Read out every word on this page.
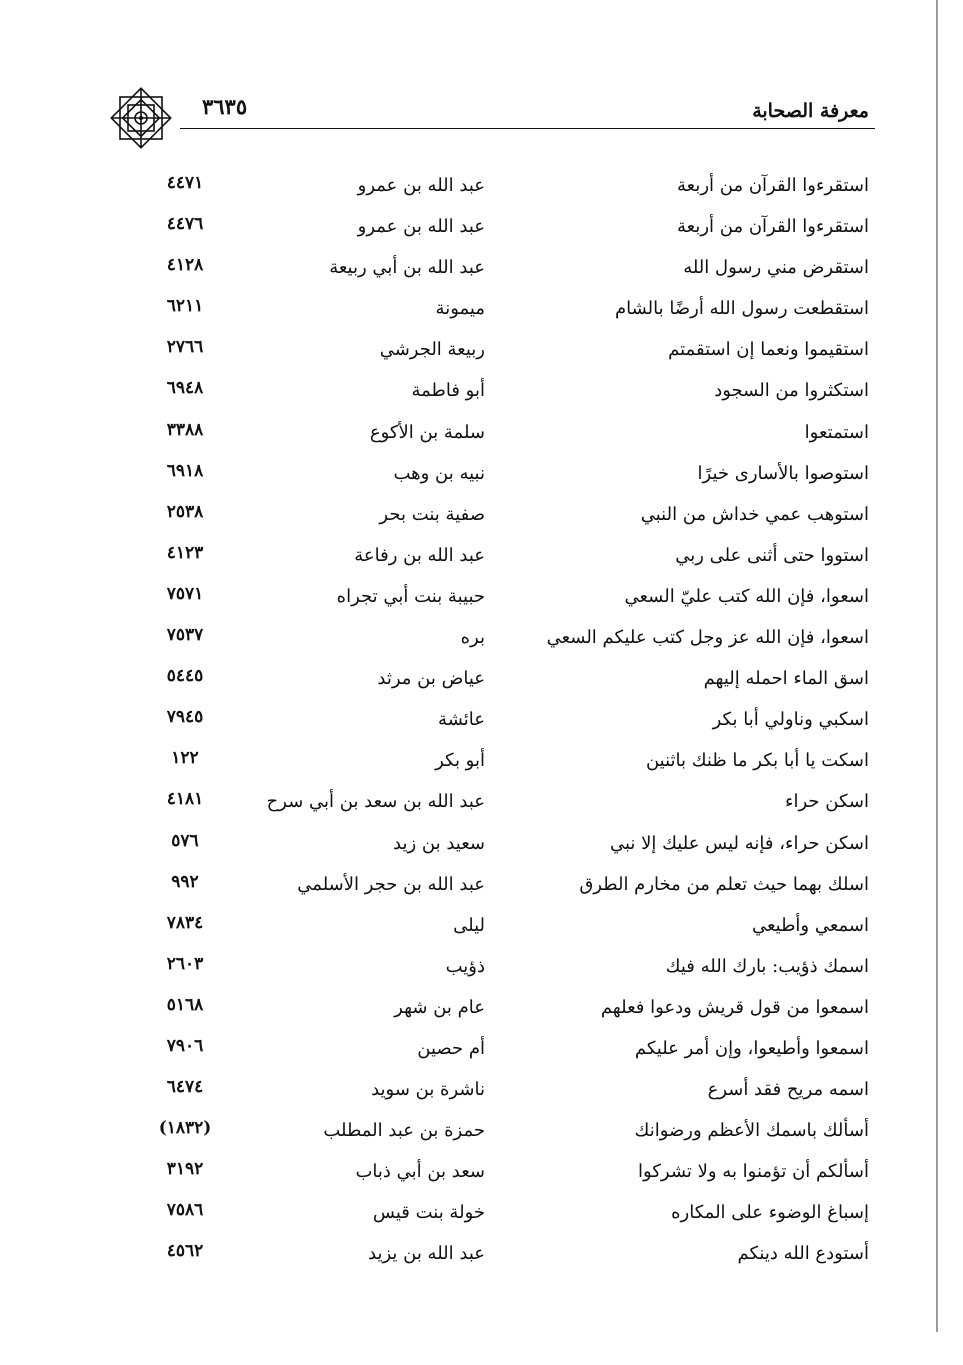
معرفة الصحابة
٣٦٣٥
استقرءوا القرآن من أربعة
عبد الله بن عمرو
٤٤٧١
استقرءوا القرآن من أربعة
عبد الله بن عمرو
٤٤٧٦
استقرض مني رسول الله
عبد الله بن أبي ربيعة
٤١٢٨
استقطعت رسول الله أرضًا بالشام
ميمونة
٦٢١١
استقيموا ونعما إن استقمتم
ربيعة الجرشي
٢٧٦٦
استكثروا من السجود
أبو فاطمة
٦٩٤٨
استمتعوا
سلمة بن الأكوع
٣٣٨٨
استوصوا بالأسارى خيرًا
نبيه بن وهب
٦٩١٨
استوهب عمي خداش من النبي
صفية بنت بحر
٢٥٣٨
استووا حتى أثنى على ربي
عبد الله بن رفاعة
٤١٢٣
اسعوا، فإن الله كتب عليّ السعي
حبيبة بنت أبي تجراه
٧٥٧١
اسعوا، فإن الله عز وجل كتب عليكم السعي
بره
٧٥٣٧
اسق الماء احمله إليهم
عياض بن مرثد
٥٤٤٥
اسكبي وناولي أبا بكر
عائشة
٧٩٤٥
اسكت يا أبا بكر ما ظنك باثنين
أبو بكر
١٢٢
اسكن حراء
عبد الله بن سعد بن أبي سرح
٤١٨١
اسكن حراء، فإنه ليس عليك إلا نبي
سعيد بن زيد
٥٧٦
اسلك بهما حيث تعلم من مخارم الطرق
عبد الله بن حجر الأسلمي
٩٩٢
اسمعي وأطيعي
ليلى
٧٨٣٤
اسمك ذؤيب: بارك الله فيك
ذؤيب
٢٦٠٣
اسمعوا من قول قريش ودعوا فعلهم
عام بن شهر
٥١٦٨
اسمعوا وأطيعوا، وإن أمر عليكم
أم حصين
٧٩٠٦
اسمه مريح فقد أسرع
ناشرة بن سويد
٦٤٧٤
أسألك باسمك الأعظم ورضوانك
حمزة بن عبد المطلب
(١٨٣٢)
أسألكم أن تؤمنوا به ولا تشركوا
سعد بن أبي ذباب
٣١٩٢
إسباغ الوضوء على المكاره
خولة بنت قيس
٧٥٨٦
أستودع الله دينكم
عبد الله بن يزيد
٤٥٦٢
